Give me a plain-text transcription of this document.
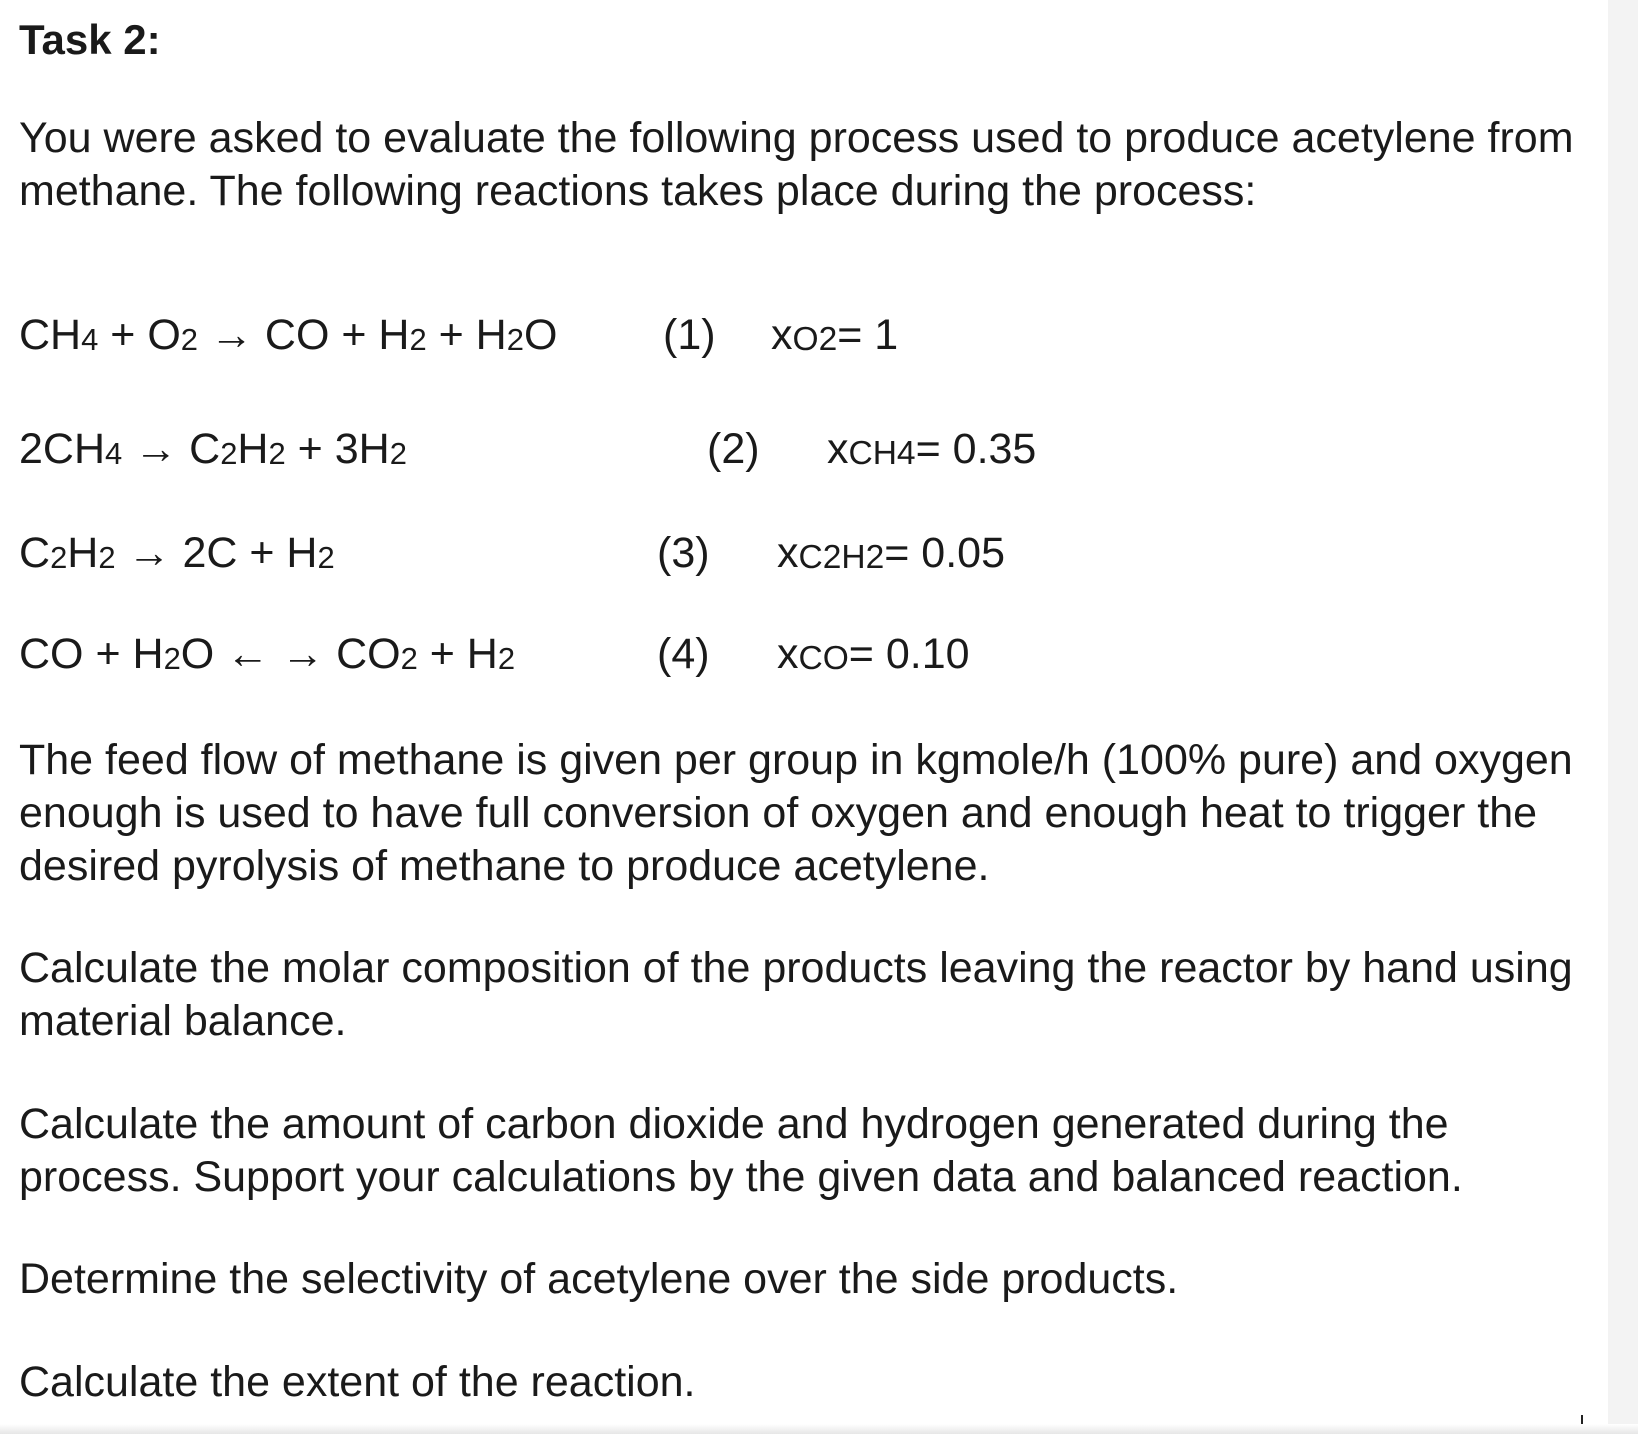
Task 2:

You were asked to evaluate the following process used to produce acetylene from methane. The following reactions takes place during the process:

CH4 + O2 → CO + H2 + H2O (1) xO2= 1
2CH4 → C2H2 + 3H2	(2) xCH4= 0.35
C2H2 → 2C + H2	(3) xC2H2= 0.05
CO + H2O ← → CO2 + H2	(4) xCO= 0.10

The feed flow of methane is given per group in kgmole/h (100% pure) and oxygen enough is used to have full conversion of oxygen and enough heat to trigger the desired pyrolysis of methane to produce acetylene.

Calculate the molar composition of the products leaving the reactor by hand using material balance.

Calculate the amount of carbon dioxide and hydrogen generated during the process. Support your calculations by the given data and balanced reaction.

Determine the selectivity of acetylene over the side products.

Calculate the extent of the reaction.
